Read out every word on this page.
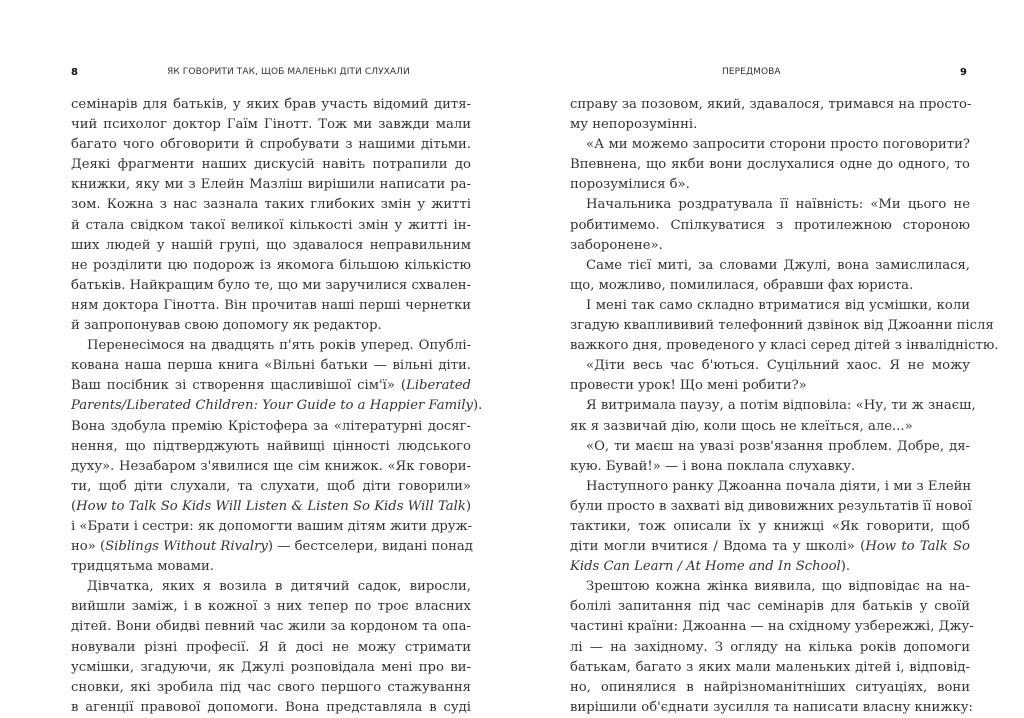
8	ЯК ГОВОРИТИ ТАК, ЩОБ МАЛЕНЬКІ ДІТИ СЛУХАЛИ
семінарів для батьків, у яких брав участь відомий дитя-
чий психолог доктор Гаїм Гінотт. Тож ми завжди мали
багато чого обговорити й спробувати з нашими дітьми.
Деякі фрагменти наших дискусій навіть потрапили до
книжки, яку ми з Елейн Мазліш вирішили написати ра-
зом. Кожна з нас зазнала таких глибоких змін у житті
й стала свідком такої великої кількості змін у житті ін-
ших людей у нашій групі, що здавалося неправильним
не розділити цю подорож із якомога більшою кількістю
батьків. Найкращим було те, що ми заручилися схвален-
ням доктора Гінотта. Він прочитав наші перші чернетки
й запропонував свою допомогу як редактор.
Перенесімося на двадцять п'ять років уперед. Опублі-
кована наша перша книга «Вільні батьки — вільні діти.
Ваш посібник зі створення щасливішої сім'ї» (Liberated
Parents/Liberated Children: Your Guide to a Happier Family).
Вона здобула премію Крістофера за «літературні досяг-
нення, що підтверджують найвищі цінності людського
духу». Незабаром з'явилися ще сім книжок. «Як говори-
ти, щоб діти слухали, та слухати, щоб діти говорили»
(How to Talk So Kids Will Listen & Listen So Kids Will Talk)
і «Брати і сестри: як допомогти вашим дітям жити друж-
но» (Siblings Without Rivalry) — бестселери, видані понад
тридцятьма мовами.
Дівчатка, яких я возила в дитячий садок, виросли,
вийшли заміж, і в кожної з них тепер по троє власних
дітей. Вони обидві певний час жили за кордоном та опа-
новували різні професії. Я й досі не можу стримати
усмішки, згадуючи, як Джулі розповідала мені про ви-
сновки, які зробила під час свого першого стажування
в агенції правової допомоги. Вона представляла в суді
ПЕРЕДМОВА	9
справу за позовом, який, здавалося, тримався на просто-
му непорозумінні.
«А ми можемо запросити сторони просто поговорити?
Впевнена, що якби вони дослухалися одне до одного, то
порозумілися б».
Начальника роздратувала її наївність: «Ми цього не
робитимемо. Спілкуватися з протилежною стороною
заборонене».
Саме тієї миті, за словами Джулі, вона замислилася,
що, можливо, помилилася, обравши фах юриста.
І мені так само складно втриматися від усмішки, коли
згадую кваплививий телефонний дзвінок від Джоанни після
важкого дня, проведеного у класі серед дітей з інвалідністю.
«Діти весь час б'ються. Суцільний хаос. Я не можу
провести урок! Що мені робити?»
Я витримала паузу, а потім відповіла: «Ну, ти ж знаєш,
як я зазвичай дію, коли щось не клеїться, але...»
«О, ти маєш на увазі розв'язання проблем. Добре, дя-
кую. Бувай!» — і вона поклала слухавку.
Наступного ранку Джоанна почала діяти, і ми з Елейн
були просто в захваті від дивовижних результатів її нової
тактики, тож описали їх у книжці «Як говорити, щоб
діти могли вчитися / Вдома та у школі» (How to Talk So
Kids Can Learn / At Home and In School).
Зрештою кожна жінка виявила, що відповідає на на-
болілі запитання під час семінарів для батьків у своїй
частині країни: Джоанна — на східному узбережжі, Джу-
лі — на західному. З огляду на кілька років допомоги
батькам, багато з яких мали маленьких дітей і, відповід-
но, опинялися в найрізноманітніших ситуаціях, вони
вирішили об'єднати зусилля та написати власну книжку:
